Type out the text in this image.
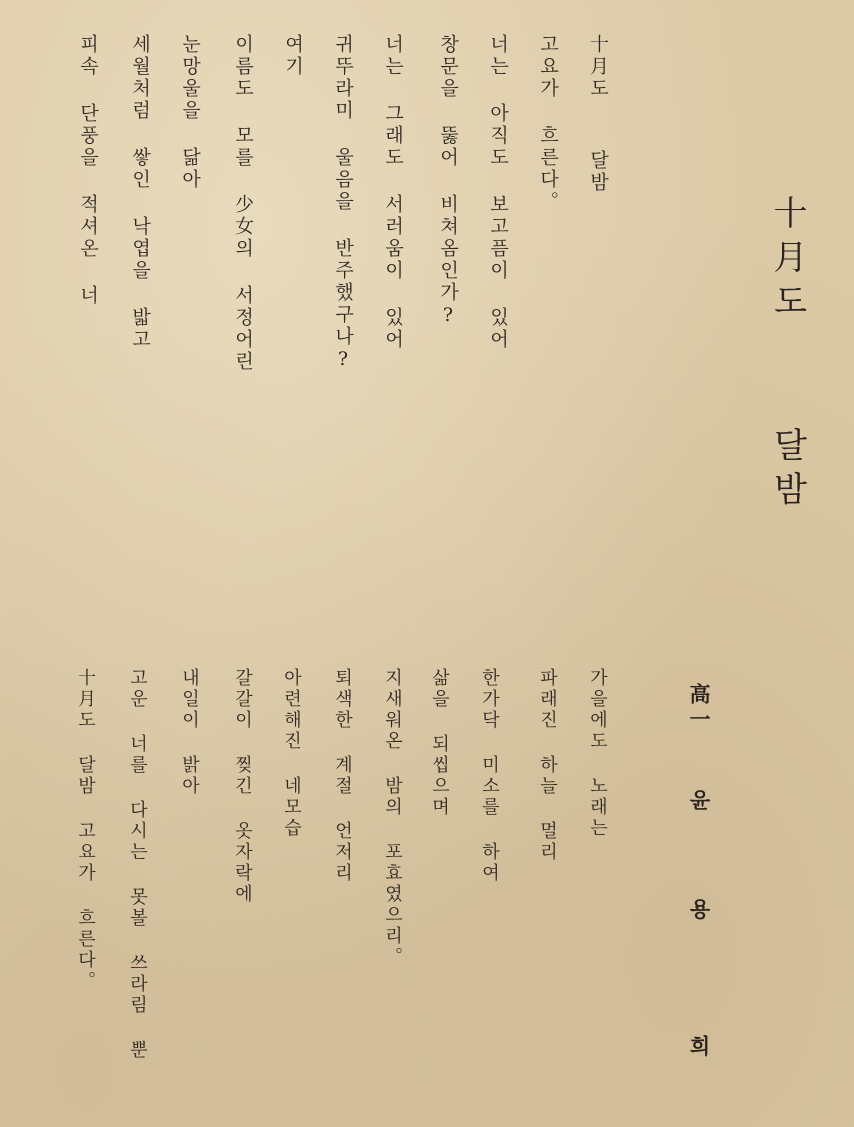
十月도  달밤
高一  윤   용    희
十月도  달밤
고요가 흐른다。
너는 아직도 보고픔이 있어
창문을 뚫어 비쳐옴인가?
너는 그래도 서러움이 있어
귀뚜라미 울음을 반주했구나?
여기
이름도 모를 少女의 서정어린
눈망울을 닮아
세월처럼 쌓인 낙엽을 밟고
피속 단풍을 적셔온 너
가을에도 노래는
파래진 하늘 멀리
한가닥 미소를 하여
삶을 되씹으며
지새워온 밤의 포효였으리。
퇴색한 계절 언저리
아련해진 네모습
갈갈이 찢긴 옷자락에
내일이 밝아
고운 너를 다시는 못볼 쓰라림 뿐
十月도 달밤 고요가 흐른다。
